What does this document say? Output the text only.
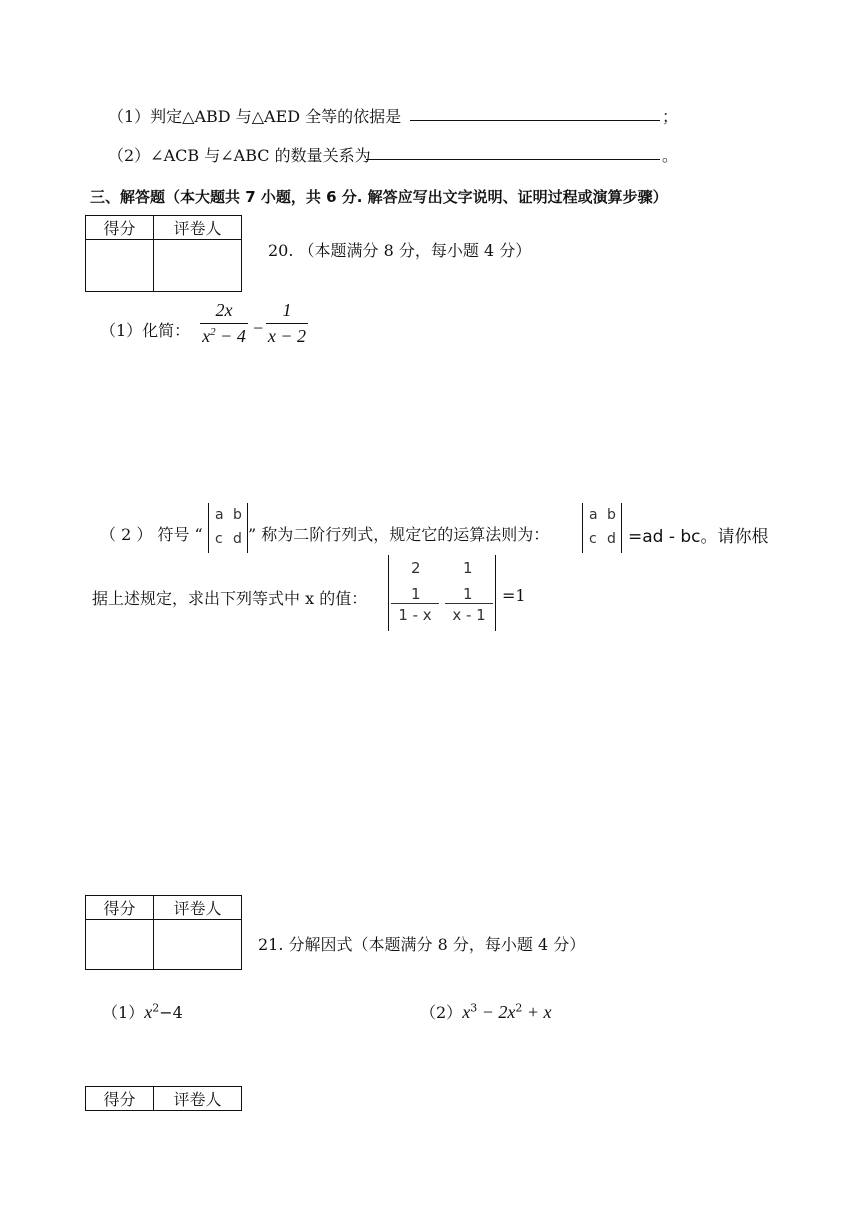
（1）判定△ABD 与△AED 全等的依据是	；
（2）∠ACB 与∠ABC 的数量关系为	。
三、解答题（本大题共 7 小题，共 6 分. 解答应写出文字说明、证明过程或演算步骤）
得分	评卷人

20. （本题满分 8 分，每小题 4 分）
（1）化简：
2x
$x^2 - 4$ −
1
x − 2
（ 2 ） 符号 “
a b
c d ” 称为二阶行列式，规定它的运算法则为：
a b
c d =ad - bc。请你根
据上述规定，求出下列等式中 x 的值：
2	1
1
1 - x
1
x - 1
=1
得分	评卷人

21. 分解因式（本题满分 8 分，每小题 4 分）
$(1)x^2-4$	$(2)x^3 - 2x^2 + x$
得分	评卷人
